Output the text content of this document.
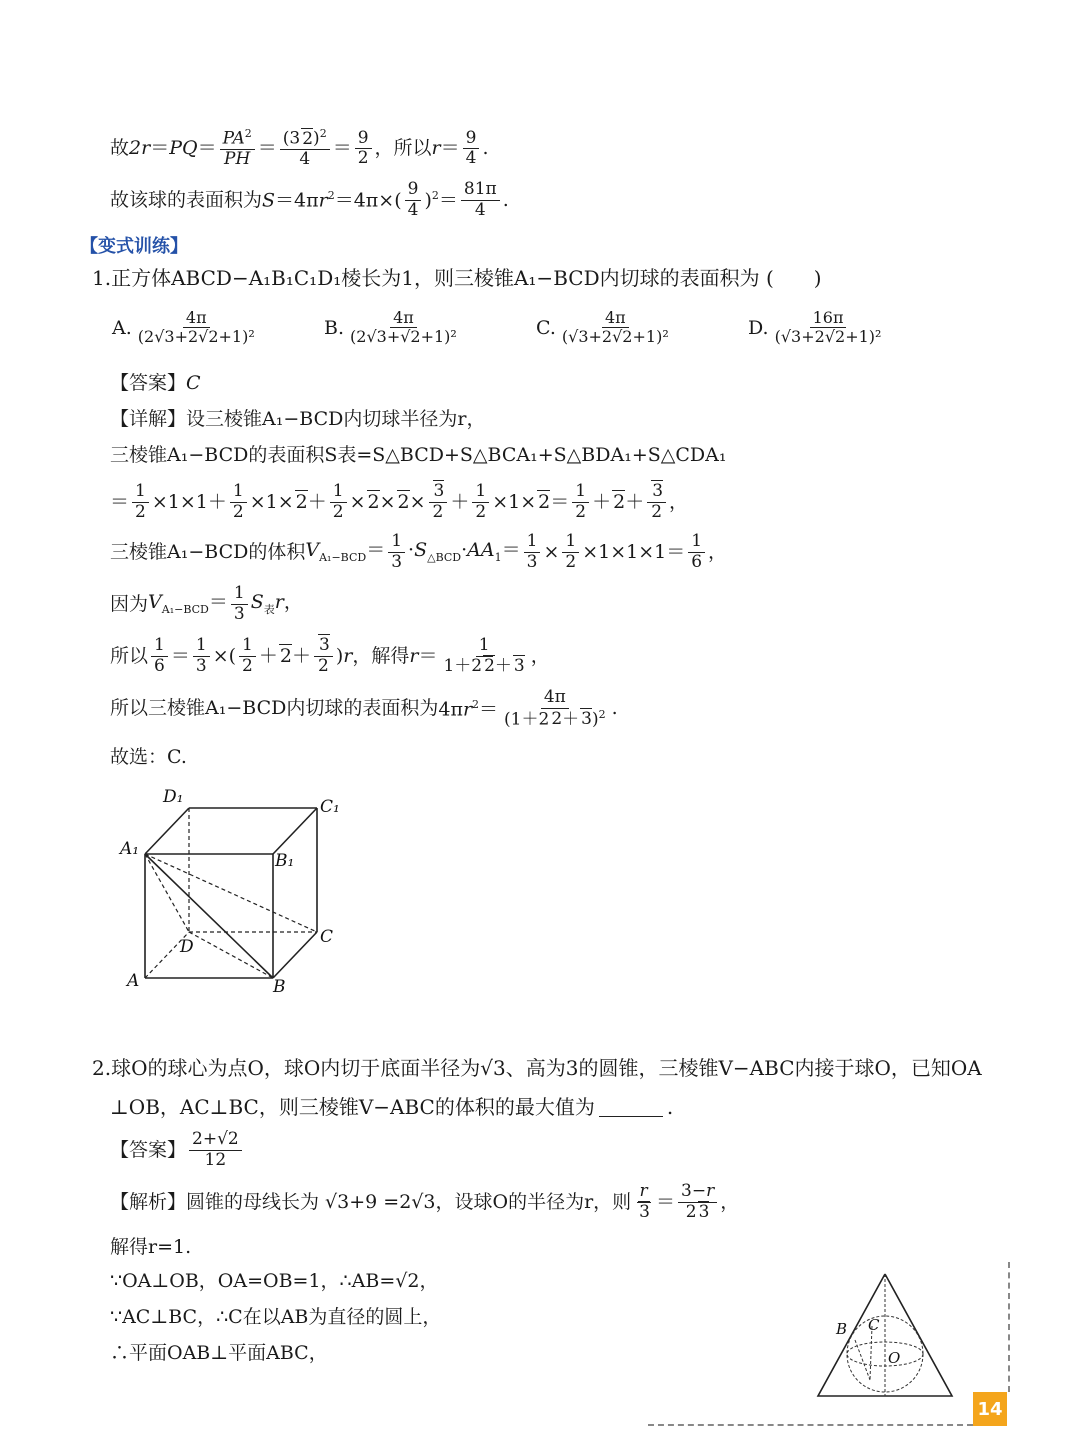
故 $2r=PQ= \frac{PA^2}{PH} = \frac{(3 2)^2}{4} = \frac{9}{2}$ ，所以 $r= \frac{9}{4}$ .
故该球的表面积为 $S=4\pi r^2=4\pi\times( \frac{9}{4} )^2= \frac{81\pi}{4}$ .
【变式训练】
1. 正方体ABCD−A₁B₁C₁D₁棱长为1，则三棱锥A₁−BCD内切球的表面积为 (　　)
A. $\frac{4\pi}{\text{(2√3+2√2+1)²}}$	B. $\frac{4\pi}{\text{(2√3+√2+1)²}}$	C. $\frac{4\pi}{\text{(√3+2√2+1)²}}$	D. $\frac{16\pi}{\text{(√3+2√2+1)²}}$
【答案】 C
【详解】 设三棱锥A₁−BCD内切球半径为r，
三棱锥A₁−BCD的表面积S表=S△BCD+S△BCA₁+S△BDA₁+S△CDA₁
＝ $\frac{1}{2} \times 1\times 1+ \frac{1}{2} \times 1\times 2+ \frac{1}{2} \times 2\times 2\times \frac{3}{2} + \frac{1}{2} \times 1\times 2= \frac{1}{2} + 2+ \frac{3}{2}$ ，
三棱锥A₁−BCD的体积 $V_{A_1-BCD}= \frac{1}{3} \cdot S_{\triangle BCD}\cdot AA_1= \frac{1}{3} \times \frac{1}{2} \times 1\times 1\times 1= \frac{1}{6}$ ，
因为 $V_{A_1-BCD}= \frac{1}{3} S_表r$，
所以 $\frac{1}{6} = \frac{1}{3}$ ×( $\frac{1}{2} + 2+ \frac{3}{2} )r$ ，解得 $r= \frac{1}{1+2 2+ 3}$ ，
所以三棱锥A₁−BCD内切球的表面积为 $4\pi r^2= \frac{4\pi}{(1+2 2+ 3)^2}$ .
故选：C.
D₁	C₁
A₁
B₁
D	C
A	B
2. 球O的球心为点O，球O内切于底面半径为√3、高为3的圆锥，三棱锥V−ABC内接于球O，已知OA
⊥OB，AC⊥BC，则三棱锥V−ABC的体积的最大值为	.
【答案】 $\frac{2+√2}{12}$
【解析】 圆锥的母线长为 √3+9 =2√3，设球O的半径为r，则 $\frac{r}{3} = \frac{3-r}{2 3}$ ，
解得r=1.
∵OA⊥OB，OA=OB=1，∴AB=√2，
∵AC⊥BC，∴C在以AB为直径的圆上，
∴平面OAB⊥平面ABC，
B C
O
14
